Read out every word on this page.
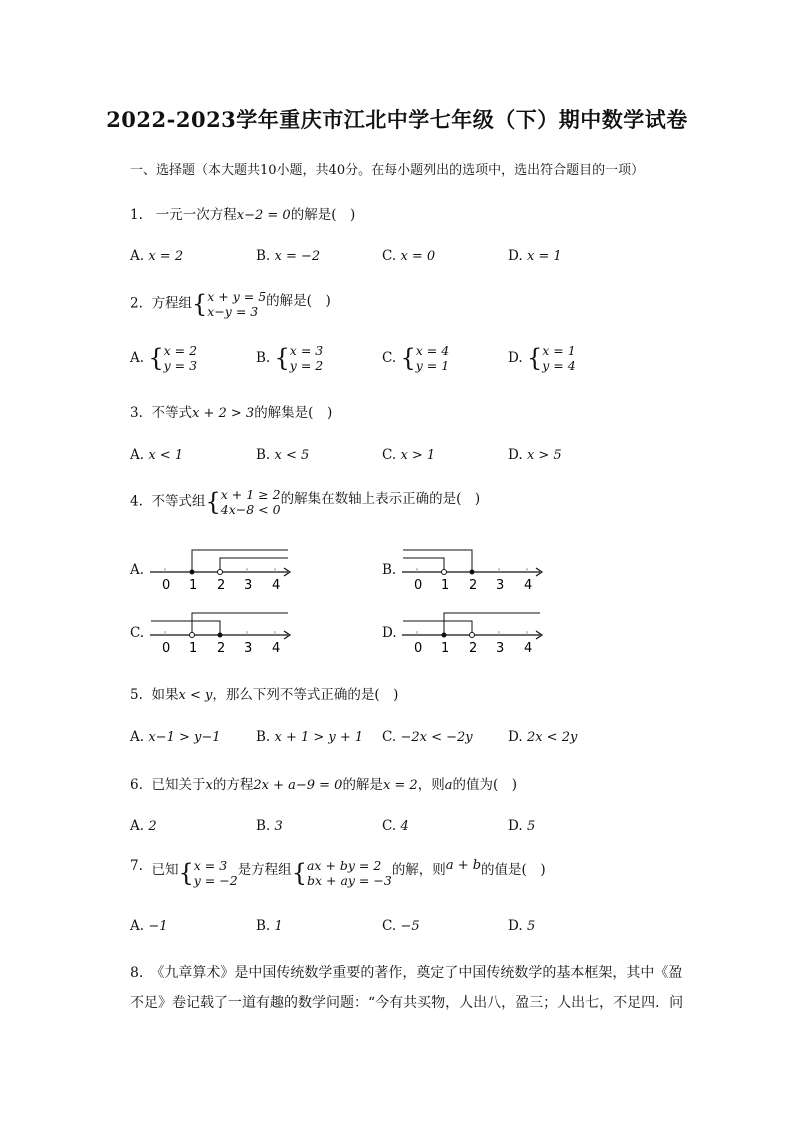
2022-2023学年重庆市江北中学七年级（下）期中数学试卷
一、选择题（本大题共10小题，共40分。在每小题列出的选项中，选出符合题目的一项）
1. 一元一次方程x−2 = 0的解是(　)
A. x = 2	B. x = −2	C. x = 0	D. x = 1
2. 方程组{ x + y = 5
x−y = 3
的解是(　)
A. { x = 2
y = 3	B. { x = 3
y = 2	C. { x = 4
y = 1	D. { x = 1
y = 4
3. 不等式x + 2 > 3的解集是(　)
A. x < 1	B. x < 5	C. x > 1	D. x > 5
4. 不等式组{ x + 1 ≥ 2
4x−8 < 0
的解集在数轴上表示正确的是(　)
A.	B.
C.	D.
0 1 2 3 4	0 1 2 3 4
0 1 2 3 4	0 1 2 3 4
5. 如果x < y，那么下列不等式正确的是(　)
A. x−1 > y−1	B. x + 1 > y + 1 C. −2x < −2y	D. 2x < 2y
6. 已知关于x的方程2x + a−9 = 0的解是x = 2，则a的值为(　)
A. 2	B. 3	C. 4	D. 5
7. 已知{ x = 3
y = −2
是方程组{ ax + by = 2
bx + ay = −3
的解，则a + b的值是(　)
A. −1	B. 1	C. −5	D. 5
8.　《九章算术》是中国传统数学重要的著作，奠定了中国传统数学的基本框架，其中《盈不足》卷记载了一道有趣的数学问题：“今有共买物，人出八，盈三；人出七，不足四．问
